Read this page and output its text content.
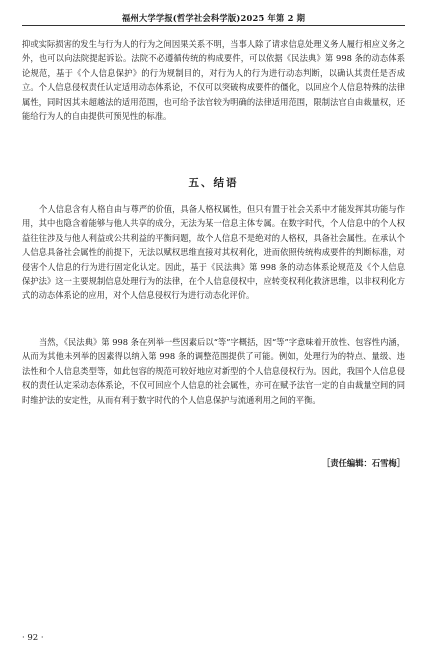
福州大学学报(哲学社会科学版)2025 年第 2 期

抑或实际损害的发生与行为人的行为之间因果关系不明，当事人除了请求信息处理义务人履行相应义务之外，也可以向法院提起诉讼。法院不必遵循传统的构成要件，可以依据《民法典》第 998 条的动态体系论规范，基于《个人信息保护》的行为规制目的，对行为人的行为进行动态判断，以确认其责任是否成立。个人信息侵权责任认定适用动态体系论，不仅可以突破构成要件的僵化，以回应个人信息特殊的法律属性，同时因其未超越法的适用范围，也可给予法官较为明确的法律适用范围，限制法官自由裁量权，还能给行为人的自由提供可预见性的标准。

五、结语

个人信息含有人格自由与尊严的价值，具备人格权属性，但只有置于社会关系中才能发挥其功能与作用，其中也隐含着能够与他人共享的成分，无法为某一信息主体专属。在数字时代，个人信息中的个人权益往往涉及与他人利益或公共利益的平衡问题，故个人信息不是绝对的人格权，具备社会属性。在承认个人信息具备社会属性的前提下，无法以赋权思维直接对其权利化，进而依照传统构成要件的判断标准，对侵害个人信息的行为进行固定化认定。因此，基于《民法典》第 998 条的动态体系论规范及《个人信息保护法》这一主要规制信息处理行为的法律，在个人信息侵权中，应转变权利化救济思维，以非权利化方式的动态体系论的应用，对个人信息侵权行为进行动态化评价。

当然，《民法典》第 998 条在列举一些因素后以“等”字概括，因“等”字意味着开放性、包容性内涵，从而为其他未列举的因素得以纳入第 998 条的调整范围提供了可能。例如，处理行为的特点、量级、违法性和个人信息类型等，如此包容的规范可较好地应对新型的个人信息侵权行为。因此，我国个人信息侵权的责任认定采动态体系论，不仅可回应个人信息的社会属性，亦可在赋予法官一定的自由裁量空间的同时维护法的安定性，从而有利于数字时代的个人信息保护与流通利用之间的平衡。

［责任编辑：石雪梅］
· 92 ·
